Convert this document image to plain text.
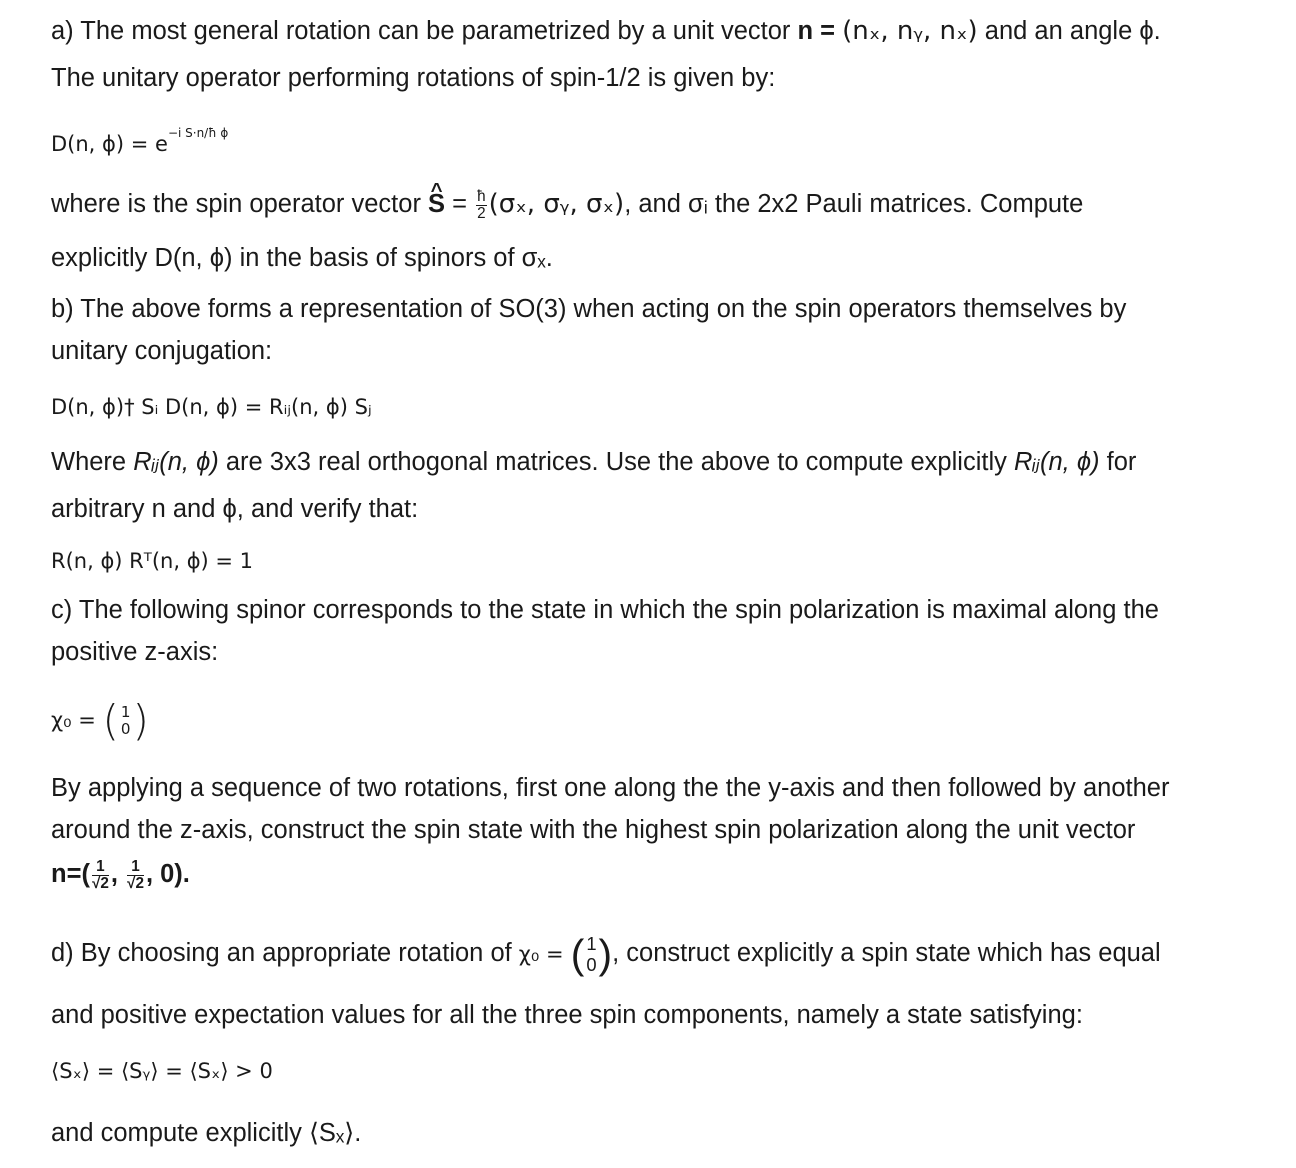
a) The most general rotation can be parametrized by a unit vector n = (nₓ, nᵧ, nₓ) and an angle ϕ.
The unitary operator performing rotations of spin-1/2 is given by:
D(n, $\phi) = e^{-i S\cdot n/ħ \phi}$
where is the spin operator vector ^ $S = \frac{ħ}{2} (\sigma_x$, σᵧ, σₓ), and σᵢ the 2x2 Pauli matrices. Compute
explicitly D(n, ϕ) in the basis of spinors of σₓ.
b) The above forms a representation of SO(3) when acting on the spin operators themselves by
unitary conjugation:
D(n, ϕ)† Sᵢ D(n, ϕ) = Rᵢⱼ(n, ϕ) Sⱼ
Where Rᵢⱼ(n, ϕ) are 3x3 real orthogonal matrices. Use the above to compute explicitly Rᵢⱼ(n, ϕ) for
arbitrary n and ϕ, and verify that:
R(n, ϕ) Rᵀ(n, ϕ) = 1
c) The following spinor corresponds to the state in which the spin polarization is maximal along the
positive z-axis:
χ₀ = ( 1
0 )
By applying a sequence of two rotations, first one along the the y-axis and then followed by another
around the z-axis, construct the spin state with the highest spin polarization along the unit vector
$n=( \frac{1}{√2}$ , $\frac{1}{√2}$ , 0).
d) By choosing an appropriate rotation of χ₀ = ( 1
0 ), construct explicitly a spin state which has equal
and positive expectation values for all the three spin components, namely a state satisfying:
⟨Sₓ⟩ = ⟨Sᵧ⟩ = ⟨Sₓ⟩ > 0
and compute explicitly ⟨Sₓ⟩.
